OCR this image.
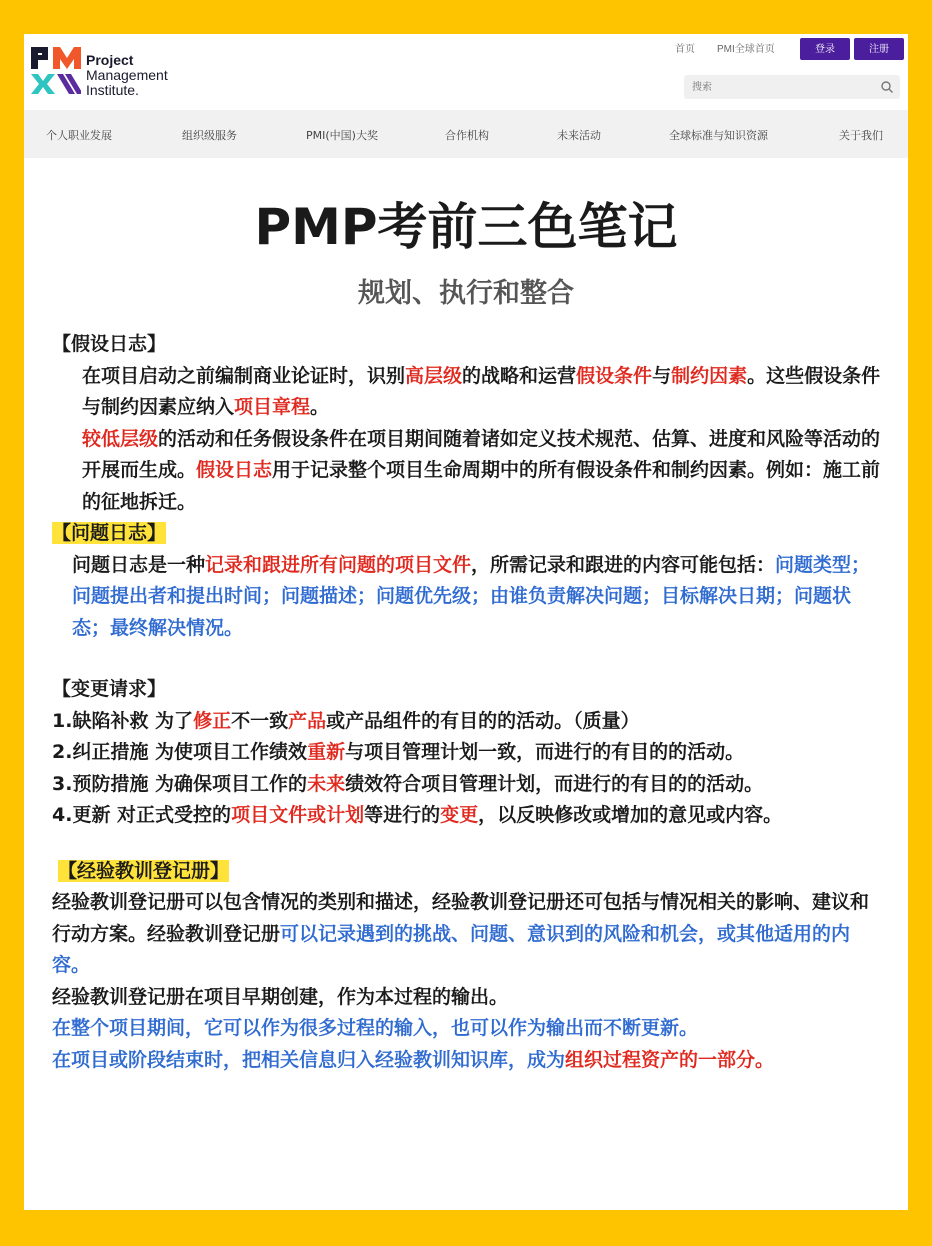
Project
Management
Institute.
首页 PMI全球首页	登录	注册
搜索
个人职业发展	组织级服务	PMI(中国)大奖	合作机构	未来活动	全球标准与知识资源	关于我们
PMP考前三色笔记
规划、执行和整合

【假设日志】

在项目启动之前编制商业论证时，识别高层级的战略和运营假设条件与制约因素。这些假设条件与制约因素应纳入项目章程。

较低层级的活动和任务假设条件在项目期间随着诸如定义技术规范、估算、进度和风险等活动的开展而生成。假设日志用于记录整个项目生命周期中的所有假设条件和制约因素。例如：施工前的征地拆迁。

【问题日志】

问题日志是一种记录和跟进所有问题的项目文件，所需记录和跟进的内容可能包括：问题类型；问题提出者和提出时间；问题描述；问题优先级；由谁负责解决问题；目标解决日期；问题状态；最终解决情况。

【变更请求】

1.缺陷补救 为了修正不一致产品或产品组件的有目的的活动。（质量）

2.纠正措施 为使项目工作绩效重新与项目管理计划一致，而进行的有目的的活动。

3.预防措施 为确保项目工作的未来绩效符合项目管理计划，而进行的有目的的活动。

4.更新 对正式受控的项目文件或计划等进行的变更，以反映修改或增加的意见或内容。

【经验教训登记册】

经验教训登记册可以包含情况的类别和描述，经验教训登记册还可包括与情况相关的影响、建议和行动方案。经验教训登记册可以记录遇到的挑战、问题、意识到的风险和机会，或其他适用的内容。

经验教训登记册在项目早期创建，作为本过程的输出。

在整个项目期间，它可以作为很多过程的输入，也可以作为输出而不断更新。

在项目或阶段结束时，把相关信息归入经验教训知识库，成为组织过程资产的一部分。
